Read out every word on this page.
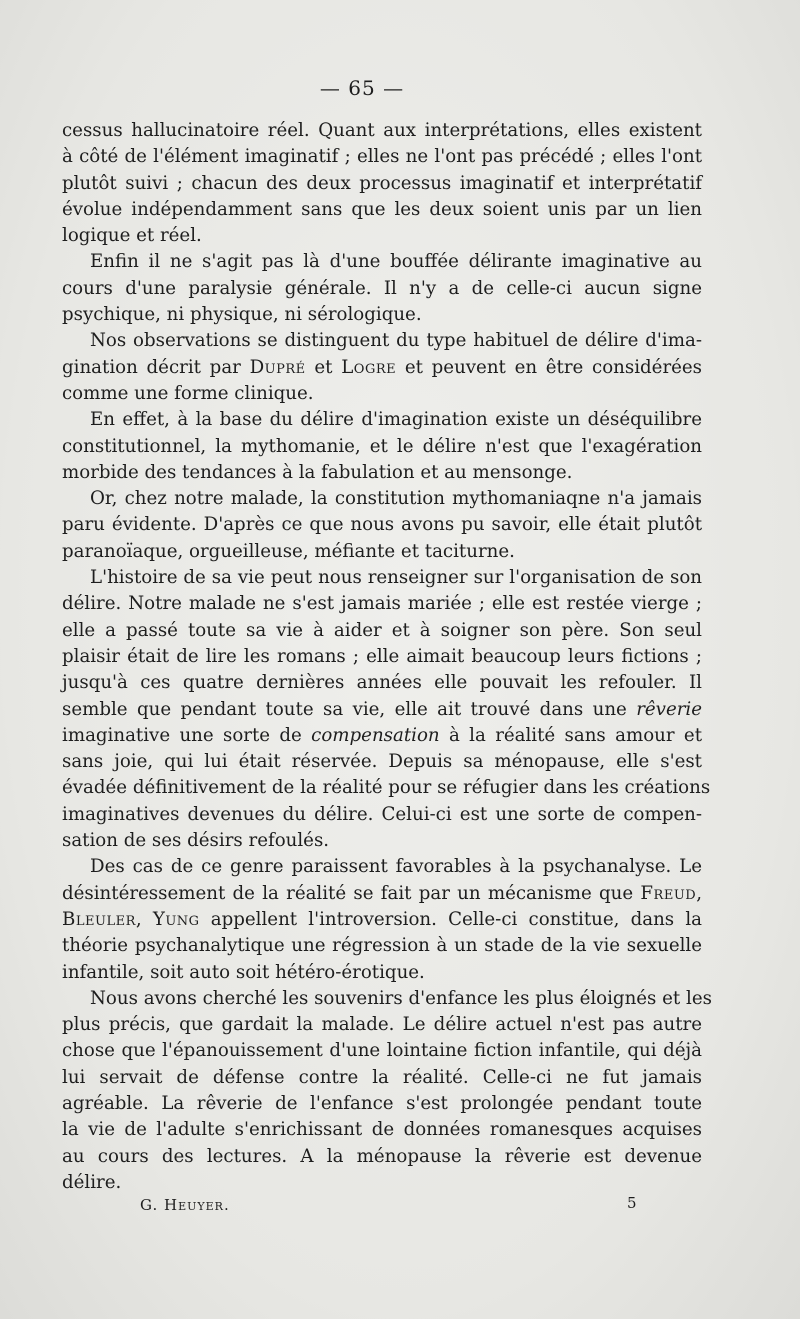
— 65 —
cessus hallucinatoire réel. Quant aux interprétations, elles existent
à côté de l'élément imaginatif ; elles ne l'ont pas précédé ; elles l'ont
plutôt suivi ; chacun des deux processus imaginatif et interprétatif
évolue indépendamment sans que les deux soient unis par un lien
logique et réel.
Enfin il ne s'agit pas là d'une bouffée délirante imaginative au
cours d'une paralysie générale. Il n'y a de celle-ci aucun signe
psychique, ni physique, ni sérologique.
Nos observations se distinguent du type habituel de délire d'ima-
gination décrit par Dupré et Logre et peuvent en être considérées
comme une forme clinique.
En effet, à la base du délire d'imagination existe un déséquilibre
constitutionnel, la mythomanie, et le délire n'est que l'exagération
morbide des tendances à la fabulation et au mensonge.
Or, chez notre malade, la constitution mythomaniaqne n'a jamais
paru évidente. D'après ce que nous avons pu savoir, elle était plutôt
paranoïaque, orgueilleuse, méfiante et taciturne.
L'histoire de sa vie peut nous renseigner sur l'organisation de son
délire. Notre malade ne s'est jamais mariée ; elle est restée vierge ;
elle a passé toute sa vie à aider et à soigner son père. Son seul
plaisir était de lire les romans ; elle aimait beaucoup leurs fictions ;
jusqu'à ces quatre dernières années elle pouvait les refouler. Il
semble que pendant toute sa vie, elle ait trouvé dans une rêverie
imaginative une sorte de compensation à la réalité sans amour et
sans joie, qui lui était réservée. Depuis sa ménopause, elle s'est
évadée définitivement de la réalité pour se réfugier dans les créations
imaginatives devenues du délire. Celui-ci est une sorte de compen-
sation de ses désirs refoulés.
Des cas de ce genre paraissent favorables à la psychanalyse. Le
désintéressement de la réalité se fait par un mécanisme que Freud,
Bleuler, Yung appellent l'introversion. Celle-ci constitue, dans la
théorie psychanalytique une régression à un stade de la vie sexuelle
infantile, soit auto soit hétéro-érotique.
Nous avons cherché les souvenirs d'enfance les plus éloignés et les
plus précis, que gardait la malade. Le délire actuel n'est pas autre
chose que l'épanouissement d'une lointaine fiction infantile, qui déjà
lui servait de défense contre la réalité. Celle-ci ne fut jamais
agréable. La rêverie de l'enfance s'est prolongée pendant toute
la vie de l'adulte s'enrichissant de données romanesques acquises
au cours des lectures. A la ménopause la rêverie est devenue
délire.
G. Heuyer.	5
